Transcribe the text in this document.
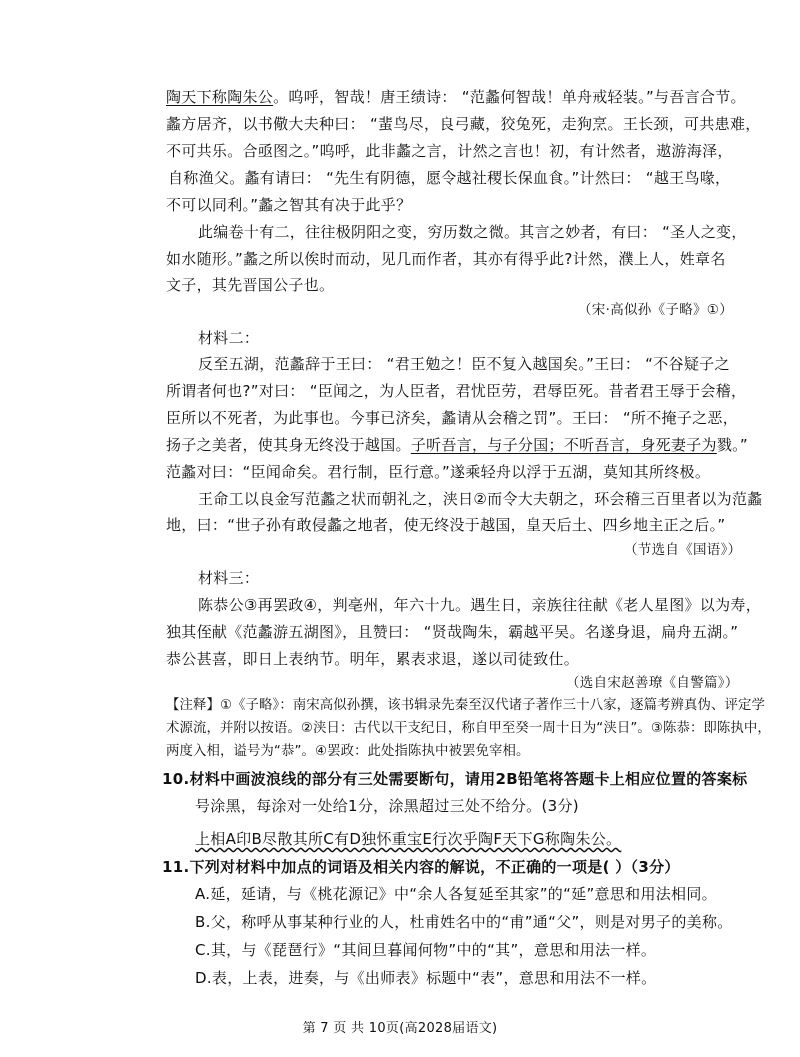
陶天下称陶朱公。呜呼，智哉！唐王绩诗： “范蠡何智哉！单舟戒轻装。”与吾言合节。
蠡方居齐，以书儆大夫种曰： “蜚鸟尽，良弓藏，狡兔死，走狗烹。王长颈，可共患难，
不可共乐。合亟图之。”呜呼，此非蠡之言，计然之言也！初，有计然者，遨游海泽，
自称渔父。蠡有请曰： “先生有阴德，愿令越社稷长保血食。”计然曰： “越王鸟喙，
不可以同利。”蠡之智其有决于此乎？
此编卷十有二，往往极阴阳之变，穷历数之微。其言之妙者，有曰： “圣人之变，
如水随形。”蠡之所以俟时而动，见几而作者，其亦有得乎此?计然，濮上人，姓章名
文子，其先晋国公子也。
（宋·高似孙《子略》①）
材料二：
反至五湖，范蠡辞于王曰： “君王勉之！臣不复入越国矣。”王曰： “不谷疑子之
所谓者何也?”对曰： “臣闻之，为人臣者，君忧臣劳，君辱臣死。昔者君王辱于会稽，
臣所以不死者，为此事也。今事已济矣，蠡请从会稽之罚”。王曰： “所不掩子之恶，
扬子之美者，使其身无终没于越国。子听吾言，与子分国；不听吾言，身死妻子为戮。”
范蠡对曰：“臣闻命矣。君行制，臣行意。”遂乘轻舟以浮于五湖，莫知其所终极。
王命工以良金写范蠡之状而朝礼之，浃日②而令大夫朝之，环会稽三百里者以为范蠡
地，曰：“世子孙有敢侵蠡之地者，使无终没于越国，皇天后土、四乡地主正之后。”
（节选自《国语》）
材料三：
陈恭公③再罢政④，判亳州，年六十九。遇生日，亲族往往献《老人星图》以为寿，
独其侄献《范蠡游五湖图》，且赞曰： “贤哉陶朱，霸越平吴。名遂身退，扁舟五湖。”
恭公甚喜，即日上表纳节。明年，累表求退，遂以司徒致仕。
（选自宋赵善璙《自警篇》）
【注释】①《子略》：南宋高似孙撰，该书辑录先秦至汉代诸子著作三十八家，逐篇考辨真伪、评定学
术源流，并附以按语。②浃日：古代以干支纪日，称自甲至癸一周十日为“浃日”。③陈恭：即陈执中，
两度入相，谥号为“恭”。④罢政：此处指陈执中被罢免宰相。
10.材料中画波浪线的部分有三处需要断句，请用2B铅笔将答题卡上相应位置的答案标
号涂黑，每涂对一处给1分，涂黑超过三处不给分。(3分)
上相A印B尽散其所C有D独怀重宝E行次乎陶F天下G称陶朱公。
11.下列对材料中加点的词语及相关内容的解说，不正确的一项是( ）（3分）
A.延，延请，与《桃花源记》中“余人各复延至其家”的“延”意思和用法相同。
B.父，称呼从事某种行业的人，杜甫姓名中的“甫”通“父”，则是对男子的美称。
C.其，与《琵琶行》“其间旦暮闻何物”中的“其”，意思和用法一样。
D.表，上表，进奏，与《出师表》标题中“表”，意思和用法不一样。
第 7 页 共 10页(高2028届语文)
